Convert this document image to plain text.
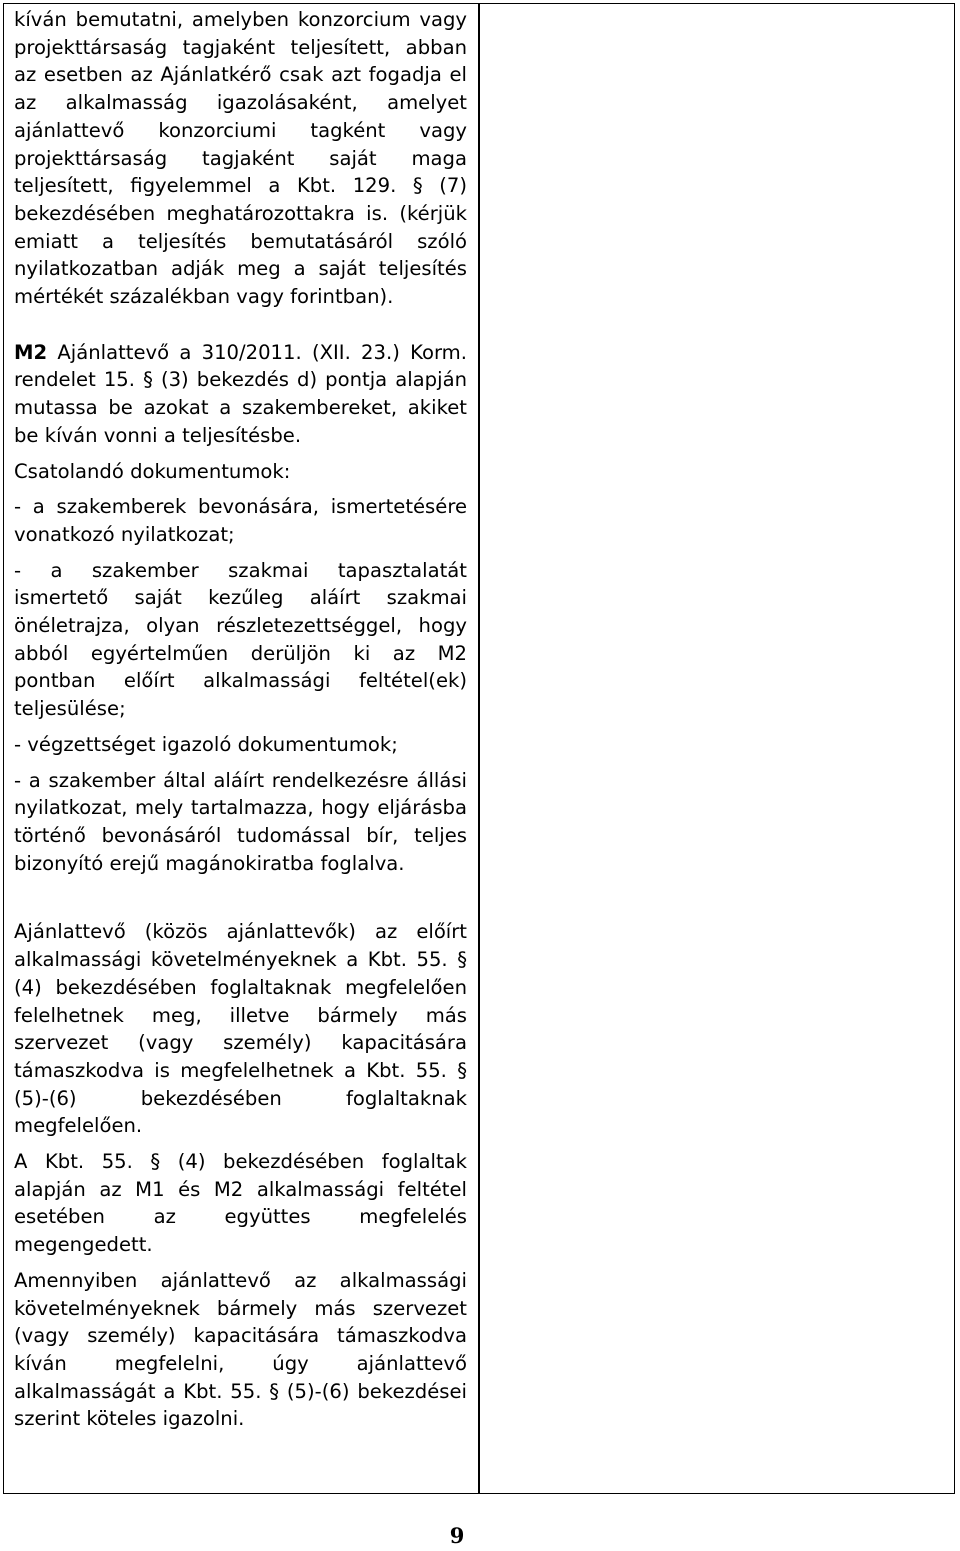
kíván bemutatni, amelyben konzorcium vagy projekttársaság tagjaként teljesített, abban az esetben az Ajánlatkérő csak azt fogadja el az alkalmasság igazolásaként, amelyet ajánlattevő konzorciumi tagként vagy projekttársaság tagjaként saját maga teljesített, figyelemmel a Kbt. 129. § (7) bekezdésében meghatározottakra is. (kérjük emiatt a teljesítés bemutatásáról szóló nyilatkozatban adják meg a saját teljesítés mértékét százalékban vagy forintban).

M2 Ajánlattevő a 310/2011. (XII. 23.) Korm. rendelet 15. § (3) bekezdés d) pontja alapján mutassa be azokat a szakembereket, akiket be kíván vonni a teljesítésbe.

Csatolandó dokumentumok:

- a szakemberek bevonására, ismertetésére vonatkozó nyilatkozat;

- a szakember szakmai tapasztalatát ismertető saját kezűleg aláírt szakmai önéletrajza, olyan részletezettséggel, hogy abból egyértelműen derüljön ki az M2 pontban előírt alkalmassági feltétel(ek) teljesülése;

- végzettséget igazoló dokumentumok;

- a szakember által aláírt rendelkezésre állási nyilatkozat, mely tartalmazza, hogy eljárásba történő bevonásáról tudomással bír, teljes bizonyító erejű magánokiratba foglalva.

Ajánlattevő (közös ajánlattevők) az előírt alkalmassági követelményeknek a Kbt. 55. § (4) bekezdésében foglaltaknak megfelelően felelhetnek meg, illetve bármely más szervezet (vagy személy) kapacitására támaszkodva is megfelelhetnek a Kbt. 55. § (5)-(6) bekezdésében foglaltaknak megfelelően.

A Kbt. 55. § (4) bekezdésében foglaltak alapján az M1 és M2 alkalmassági feltétel esetében az együttes megfelelés megengedett.

Amennyiben ajánlattevő az alkalmassági követelményeknek bármely más szervezet (vagy személy) kapacitására támaszkodva kíván megfelelni, úgy ajánlattevő alkalmasságát a Kbt. 55. § (5)-(6) bekezdései szerint köteles igazolni.

9
